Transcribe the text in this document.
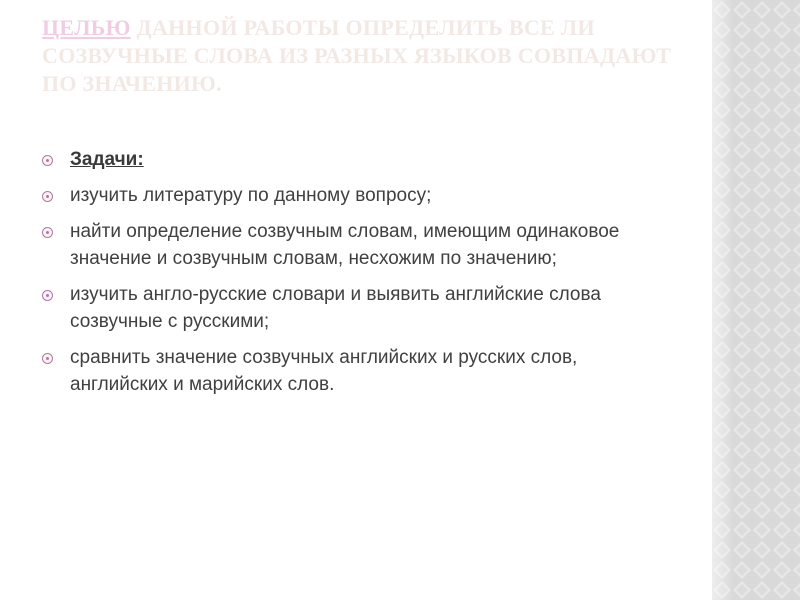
ЦЕЛЬЮ ДАННОЙ РАБОТЫ ОПРЕДЕЛИТЬ ВСЕ ЛИ СОЗВУЧНЫЕ СЛОВА ИЗ РАЗНЫХ ЯЗЫКОВ СОВПАДАЮТ ПО ЗНАЧЕНИЮ.
Задачи:
изучить литературу по данному вопросу;
найти определение созвучным словам, имеющим одинаковое значение и созвучным словам, несхожим по значению;
изучить англо-русские словари и выявить английские слова созвучные с русскими;
сравнить значение созвучных английских и русских слов, английских и марийских слов.
